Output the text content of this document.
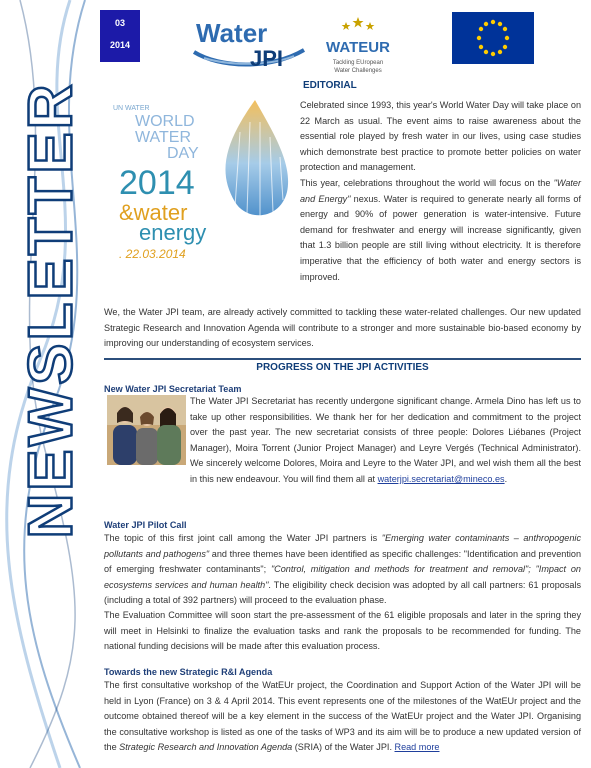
NEWSLETTER
03
2014	Water
JPI	WATEUR
Tackling EUropean
Water Challenges
EDITORIAL
UN WATER
WORLD
WATER
DAY
2014
&water
energy
. 22.03.2014

Celebrated since 1993, this year's World Water Day will take place on 22 March as usual. The event aims to raise awareness about the essential role played by fresh water in our lives, using case studies which demonstrate best practice to promote better policies on water protection and management.

This year, celebrations throughout the world will focus on the "Water and Energy" nexus. Water is required to generate nearly all forms of energy and 90% of power generation is water-intensive. Future demand for freshwater and energy will increase significantly, given that 1.3 billion people are still living without electricity. It is therefore imperative that the efficiency of both water and energy sectors is improved.

We, the Water JPI team, are already actively committed to tackling these water-related challenges. Our new updated Strategic Research and Innovation Agenda will contribute to a stronger and more sustainable bio-based economy by improving our understanding of ecosystem services.

PROGRESS ON THE JPI ACTIVITIES
New Water JPI Secretariat Team

The Water JPI Secretariat has recently undergone significant change. Armela Dino has left us to take up other responsibilities. We thank her for her dedication and commitment to the project over the past year. The new secretariat consists of three people: Dolores Liébanes (Project Manager), Moira Torrent (Junior Project Manager) and Leyre Vergés (Technical Administrator). We sincerely welcome Dolores, Moira and Leyre to the Water JPI, and wel wish them all the best in this new endeavour. You will find them all at waterjpi.secretariat@mineco.es.

Water JPI Pilot Call

The topic of this first joint call among the Water JPI partners is "Emerging water contaminants – anthropogenic pollutants and pathogens" and three themes have been identified as specific challenges: "Identification and prevention of emerging freshwater contaminants"; "Control, mitigation and methods for treatment and removal"; "Impact on ecosystems services and human health". The eligibility check decision was adopted by all call partners: 61 proposals (including a total of 392 partners) will proceed to the evaluation phase.

The Evaluation Committee will soon start the pre-assessment of the 61 eligible proposals and later in the spring they will meet in Helsinki to finalize the evaluation tasks and rank the proposals to be recommended for funding. The national funding decisions will be made after this evaluation process.

Towards the new Strategic R&I Agenda

The first consultative workshop of the WatEUr project, the Coordination and Support Action of the Water JPI will be held in Lyon (France) on 3 & 4 April 2014. This event represents one of the milestones of the WatEUr project and the outcome obtained thereof will be a key element in the success of the WatEUr project and the Water JPI. Organising the consultative workshop is listed as one of the tasks of WP3 and its aim will be to produce a new updated version of the Strategic Research and Innovation Agenda (SRIA) of the Water JPI. Read more
